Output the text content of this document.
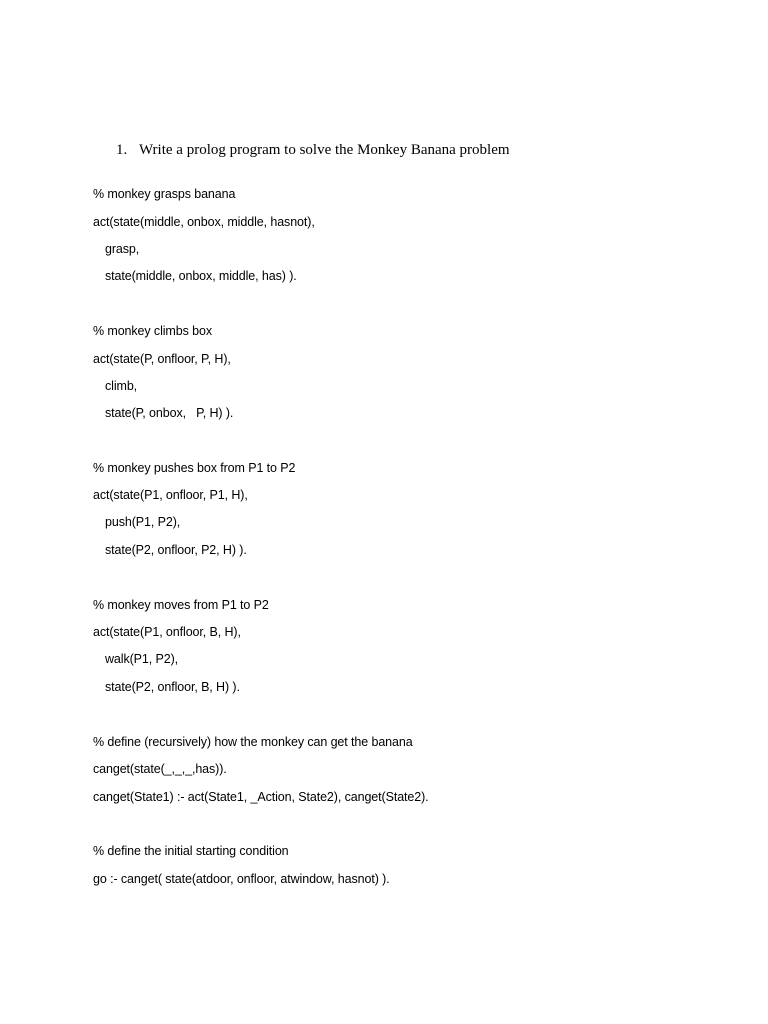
1. Write a prolog program to solve the Monkey Banana problem
% monkey grasps banana
act(state(middle, onbox, middle, hasnot),
grasp,
state(middle, onbox, middle, has) ).
% monkey climbs box
act(state(P, onfloor, P, H),
climb,
state(P, onbox,   P, H) ).
% monkey pushes box from P1 to P2
act(state(P1, onfloor, P1, H),
push(P1, P2),
state(P2, onfloor, P2, H) ).
% monkey moves from P1 to P2
act(state(P1, onfloor, B, H),
walk(P1, P2),
state(P2, onfloor, B, H) ).
% define (recursively) how the monkey can get the banana
canget(state(_,_,_,has)).
canget(State1) :- act(State1, _Action, State2), canget(State2).
% define the initial starting condition
go :- canget( state(atdoor, onfloor, atwindow, hasnot) ).
